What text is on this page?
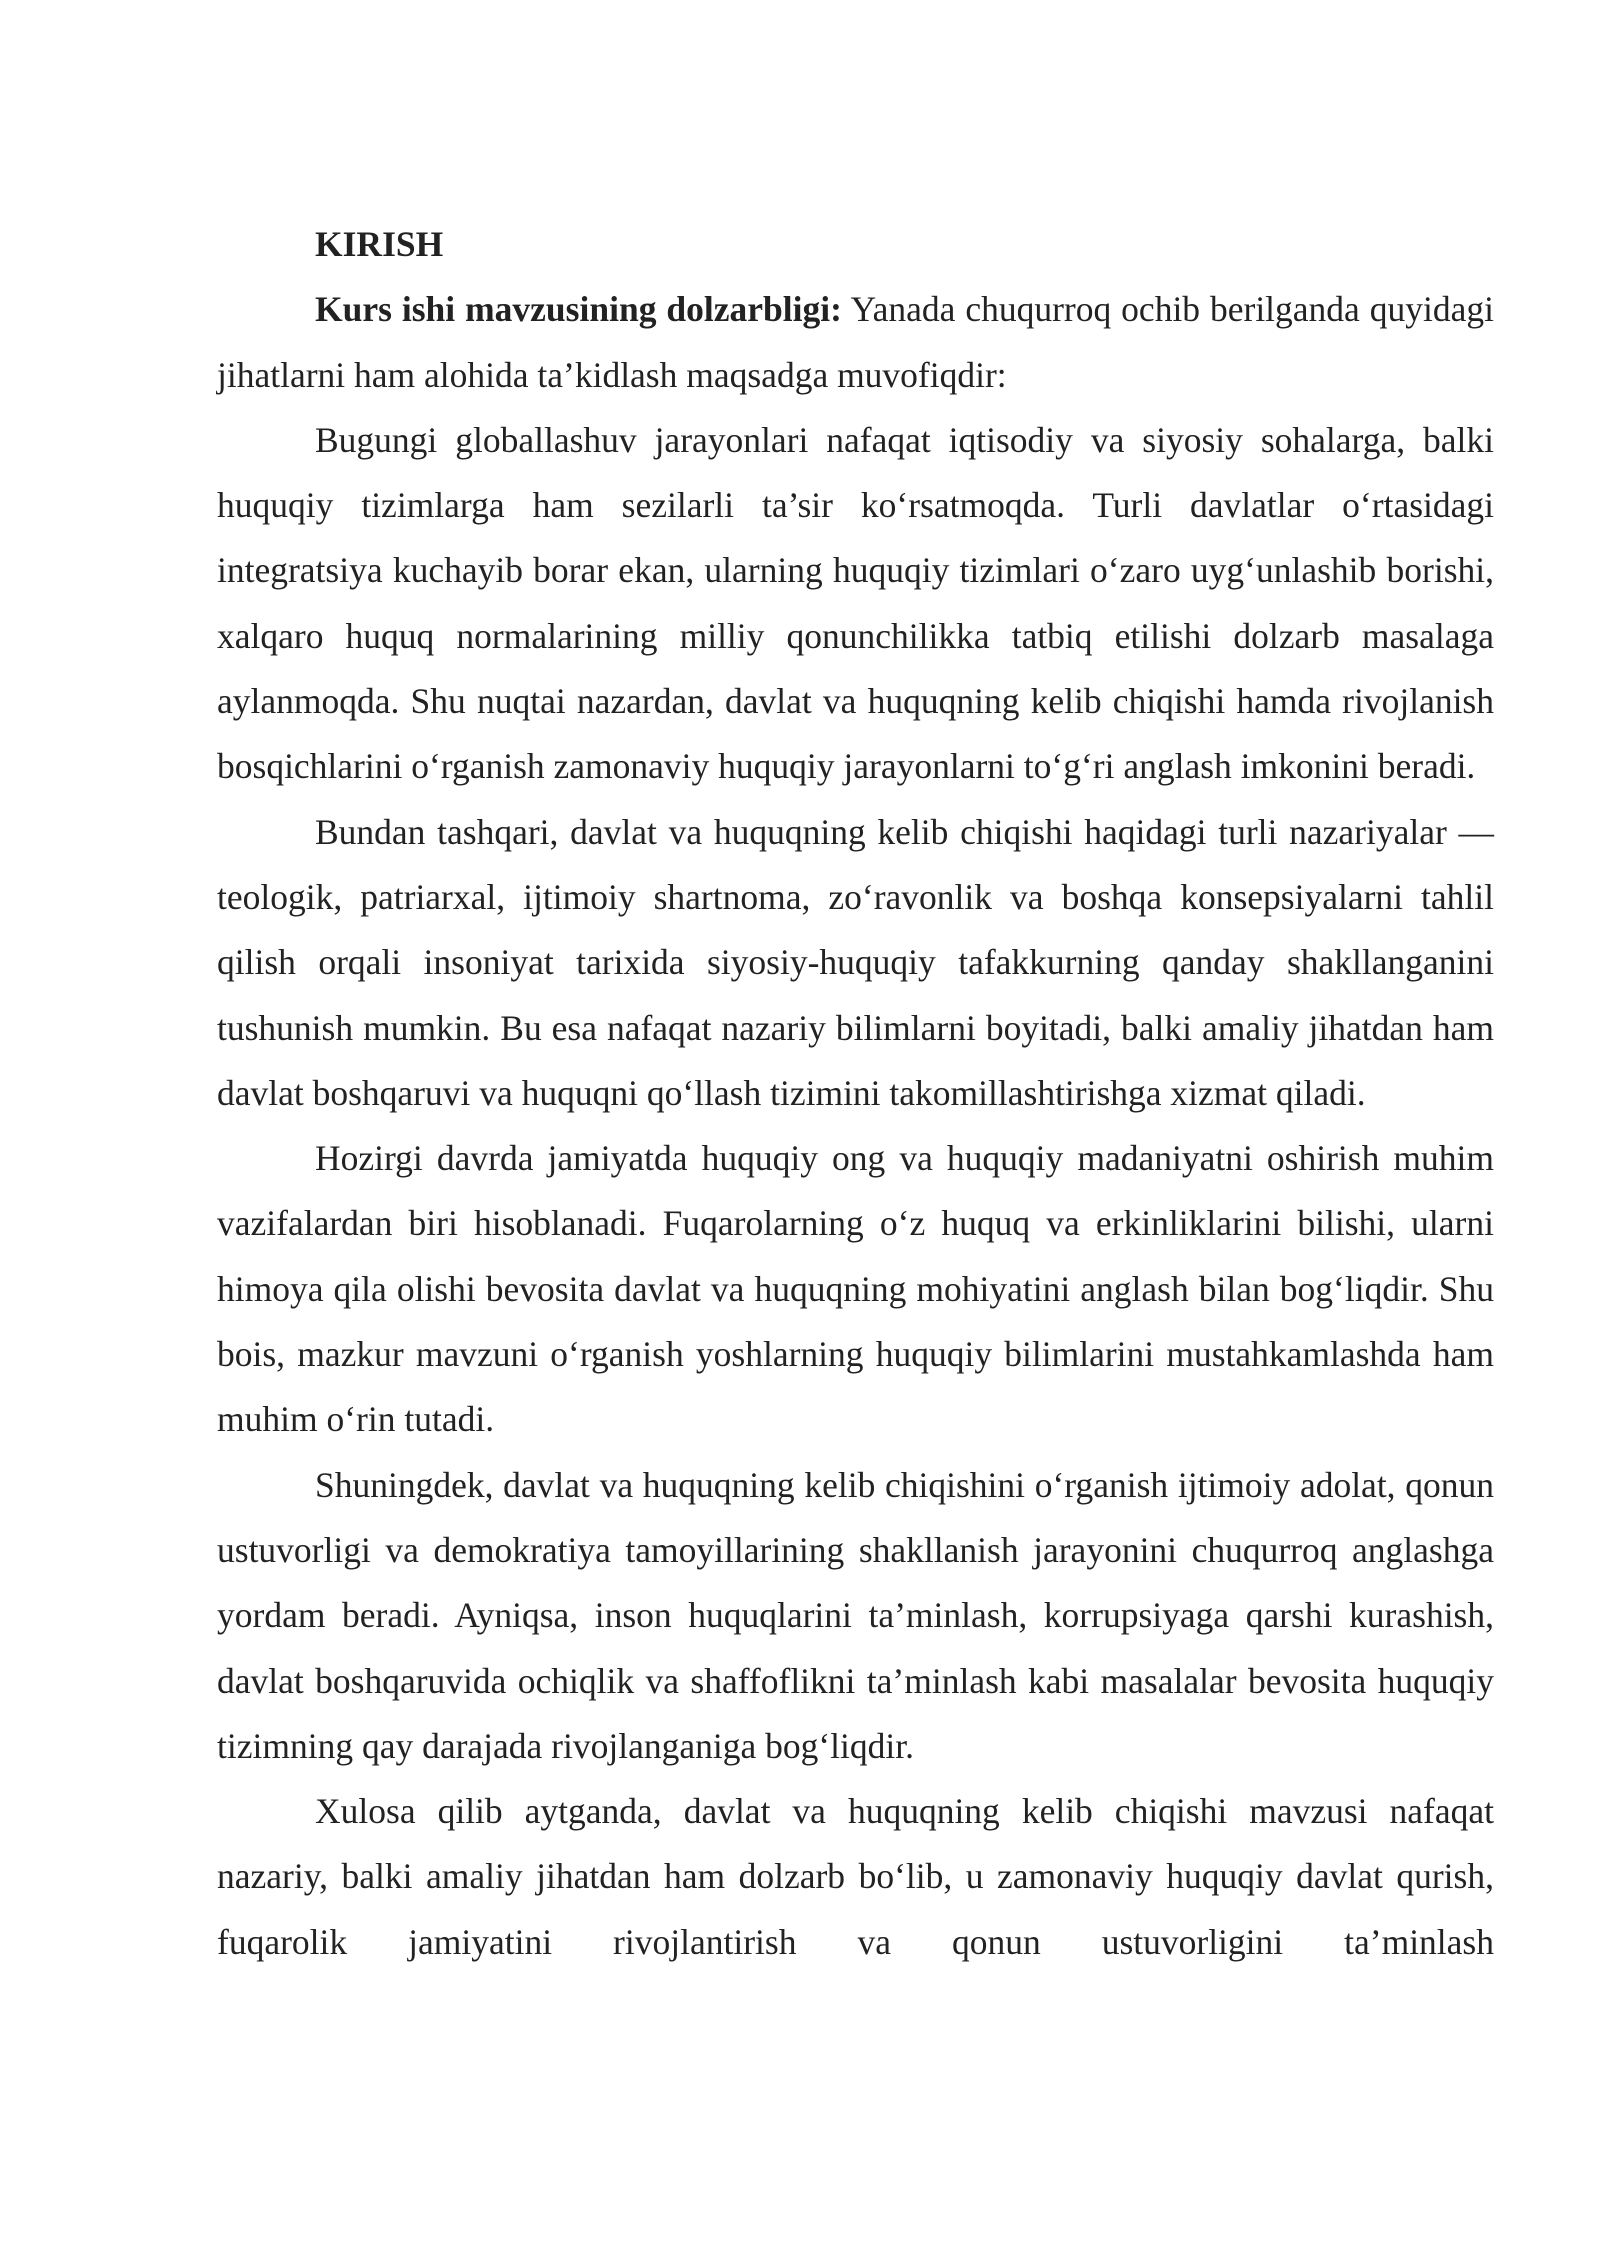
KIRISH

Kurs ishi mavzusining dolzarbligi: Yanada chuqurroq ochib berilganda quyidagi jihatlarni ham alohida ta’kidlash maqsadga muvofiqdir:

Bugungi globallashuv jarayonlari nafaqat iqtisodiy va siyosiy sohalarga, balki huquqiy tizimlarga ham sezilarli ta’sir ko‘rsatmoqda. Turli davlatlar o‘rtasidagi integratsiya kuchayib borar ekan, ularning huquqiy tizimlari o‘zaro uyg‘unlashib borishi, xalqaro huquq normalarining milliy qonunchilikka tatbiq etilishi dolzarb masalaga aylanmoqda. Shu nuqtai nazardan, davlat va huquqning kelib chiqishi hamda rivojlanish bosqichlarini o‘rganish zamonaviy huquqiy jarayonlarni to‘g‘ri anglash imkonini beradi.

Bundan tashqari, davlat va huquqning kelib chiqishi haqidagi turli nazariyalar — teologik, patriarxal, ijtimoiy shartnoma, zo‘ravonlik va boshqa konsepsiyalarni tahlil qilish orqali insoniyat tarixida siyosiy-huquqiy tafakkurning qanday shakllanganini tushunish mumkin. Bu esa nafaqat nazariy bilimlarni boyitadi, balki amaliy jihatdan ham davlat boshqaruvi va huquqni qo‘llash tizimini takomillashtirishga xizmat qiladi.

Hozirgi davrda jamiyatda huquqiy ong va huquqiy madaniyatni oshirish muhim vazifalardan biri hisoblanadi. Fuqarolarning o‘z huquq va erkinliklarini bilishi, ularni himoya qila olishi bevosita davlat va huquqning mohiyatini anglash bilan bog‘liqdir. Shu bois, mazkur mavzuni o‘rganish yoshlarning huquqiy bilimlarini mustahkamlashda ham muhim o‘rin tutadi.

Shuningdek, davlat va huquqning kelib chiqishini o‘rganish ijtimoiy adolat, qonun ustuvorligi va demokratiya tamoyillarining shakllanish jarayonini chuqurroq anglashga yordam beradi. Ayniqsa, inson huquqlarini ta’minlash, korrupsiyaga qarshi kurashish, davlat boshqaruvida ochiqlik va shaffoflikni ta’minlash kabi masalalar bevosita huquqiy tizimning qay darajada rivojlanganiga bog‘liqdir.

Xulosa qilib aytganda, davlat va huquqning kelib chiqishi mavzusi nafaqat nazariy, balki amaliy jihatdan ham dolzarb bo‘lib, u zamonaviy huquqiy davlat qurish, fuqarolik jamiyatini rivojlantirish va qonun ustuvorligini ta’minlash
